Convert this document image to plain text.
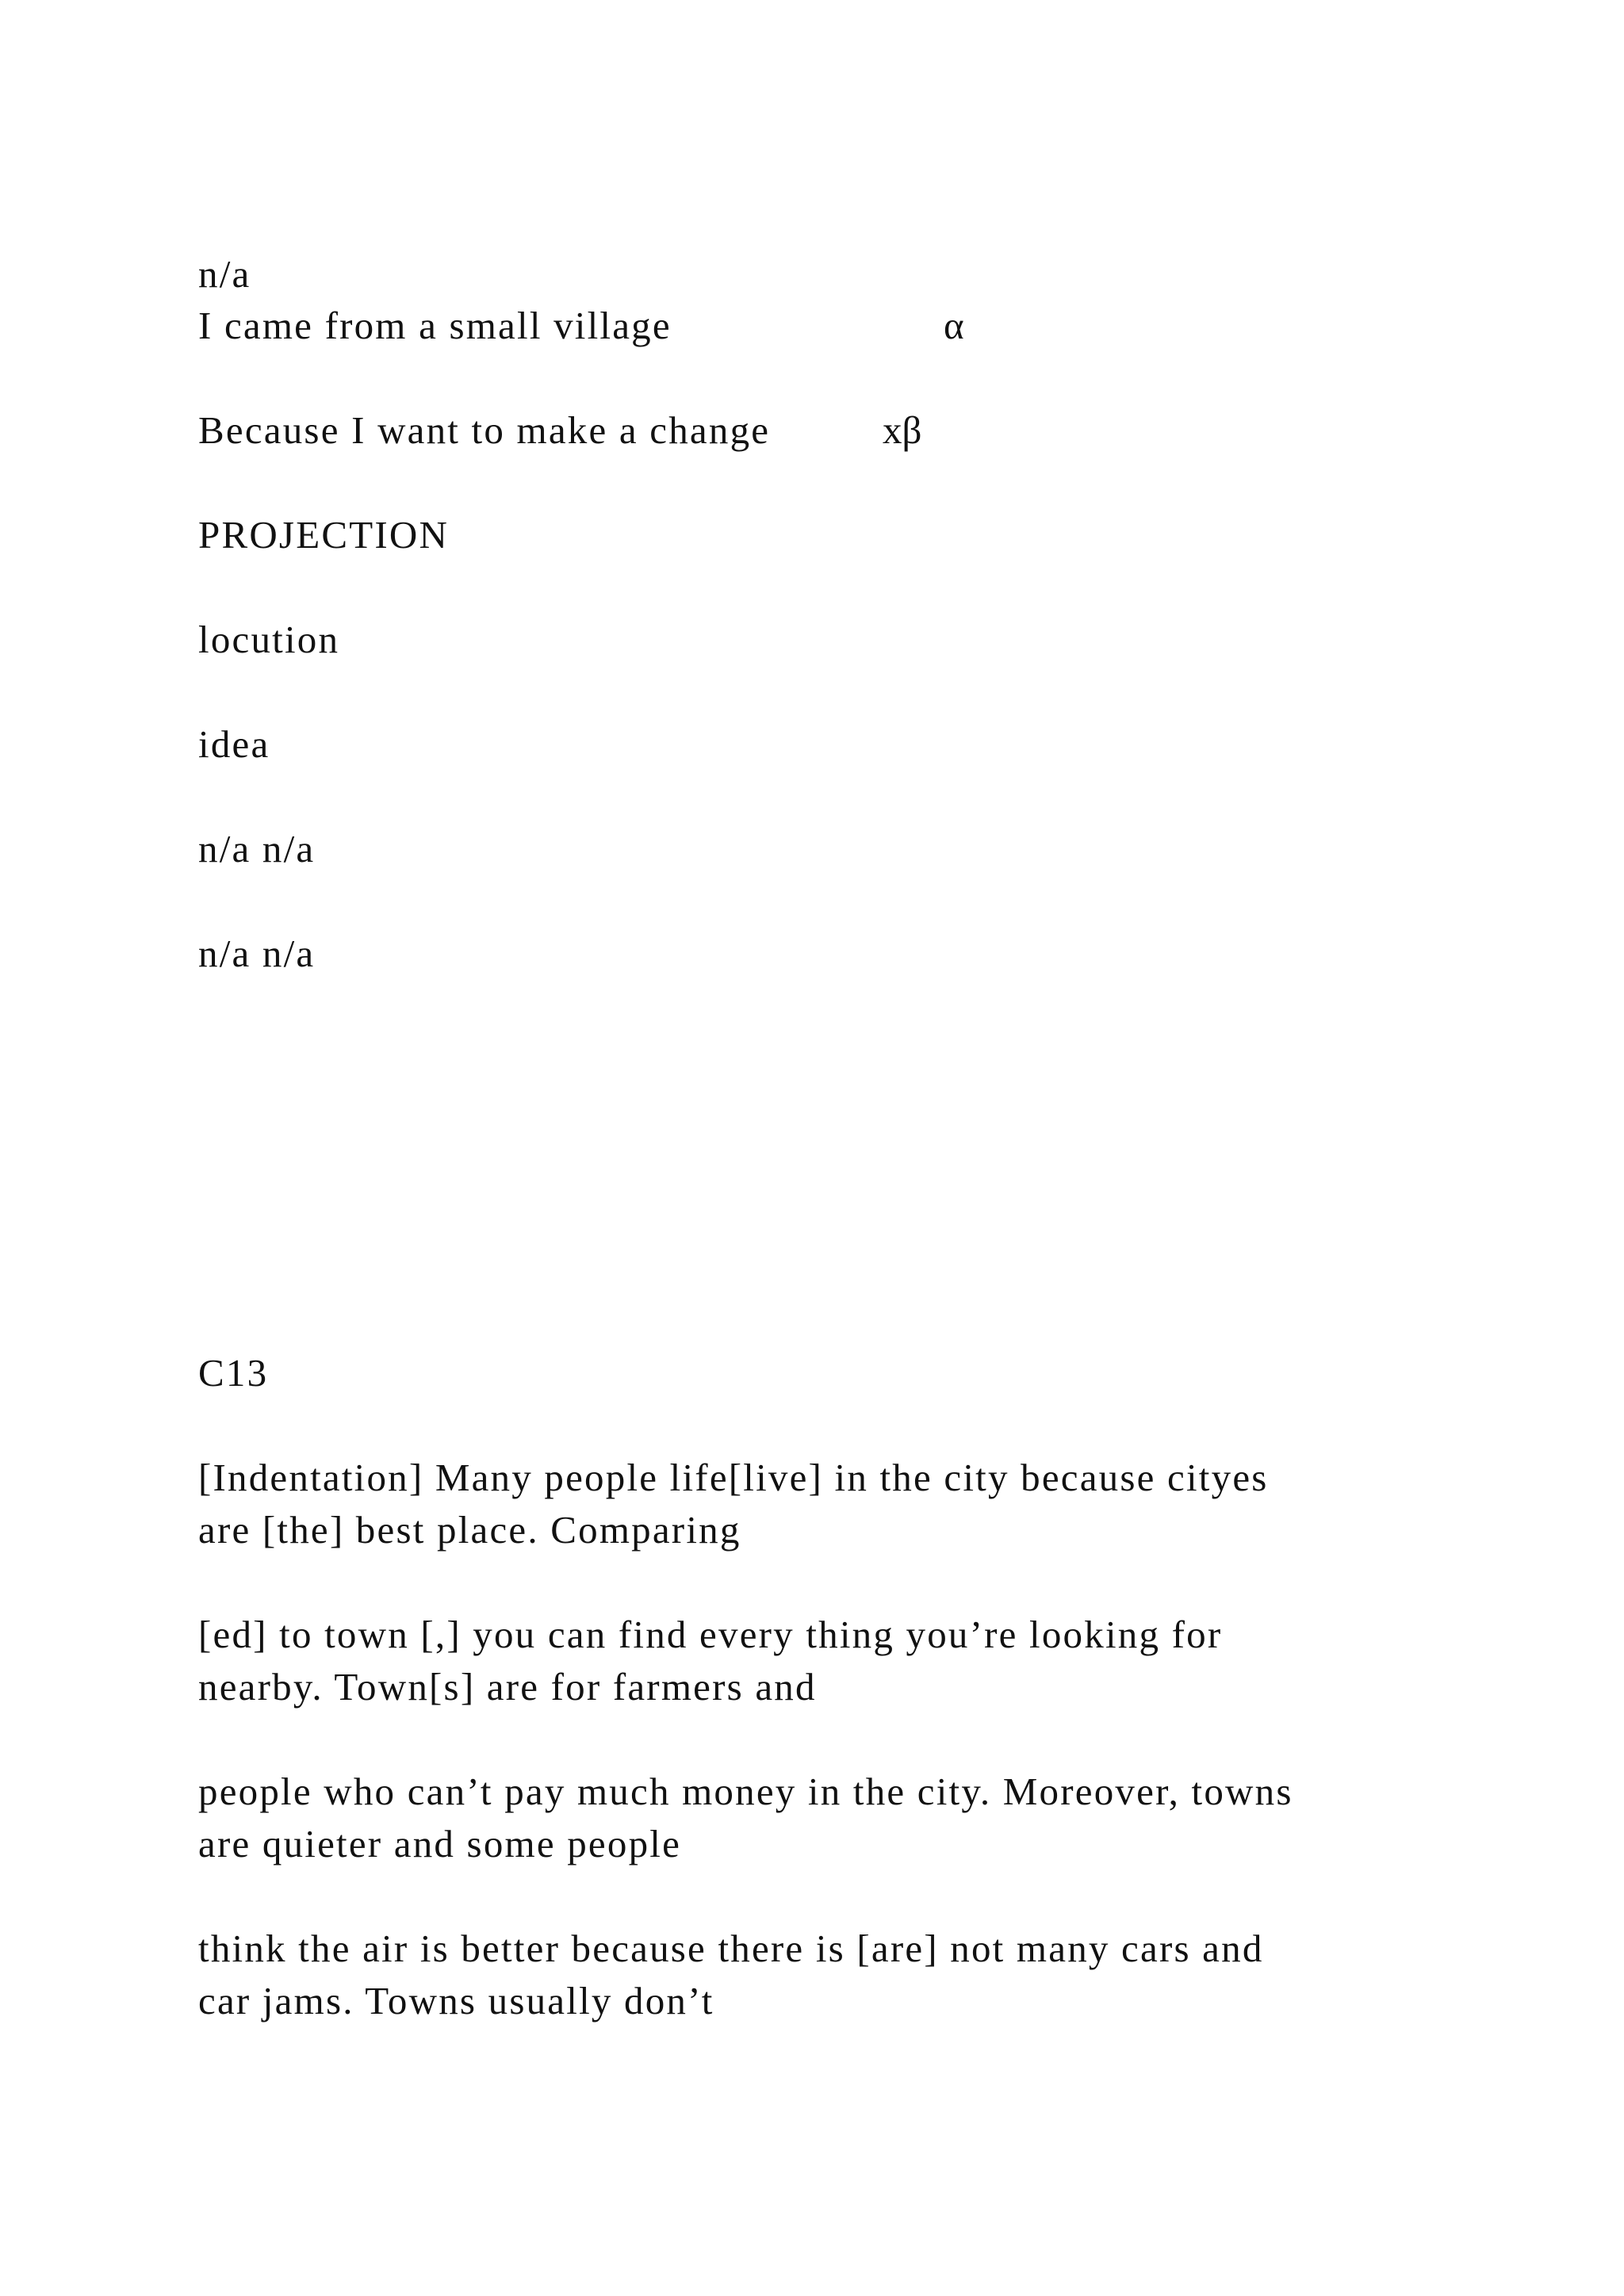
n/a
I came from a small village	α
Because I want to make a change	xβ
PROJECTION
locution
idea
n/a n/a
n/a n/a
C13
[Indentation] Many people life[live] in the city because cityes
are [the] best place. Comparing
[ed] to town [,] you can find every thing you’re looking for
nearby. Town[s] are for farmers and
people who can’t pay much money in the city. Moreover, towns
are quieter and some people
think the air is better because there is [are] not many cars and
car jams. Towns usually don’t
